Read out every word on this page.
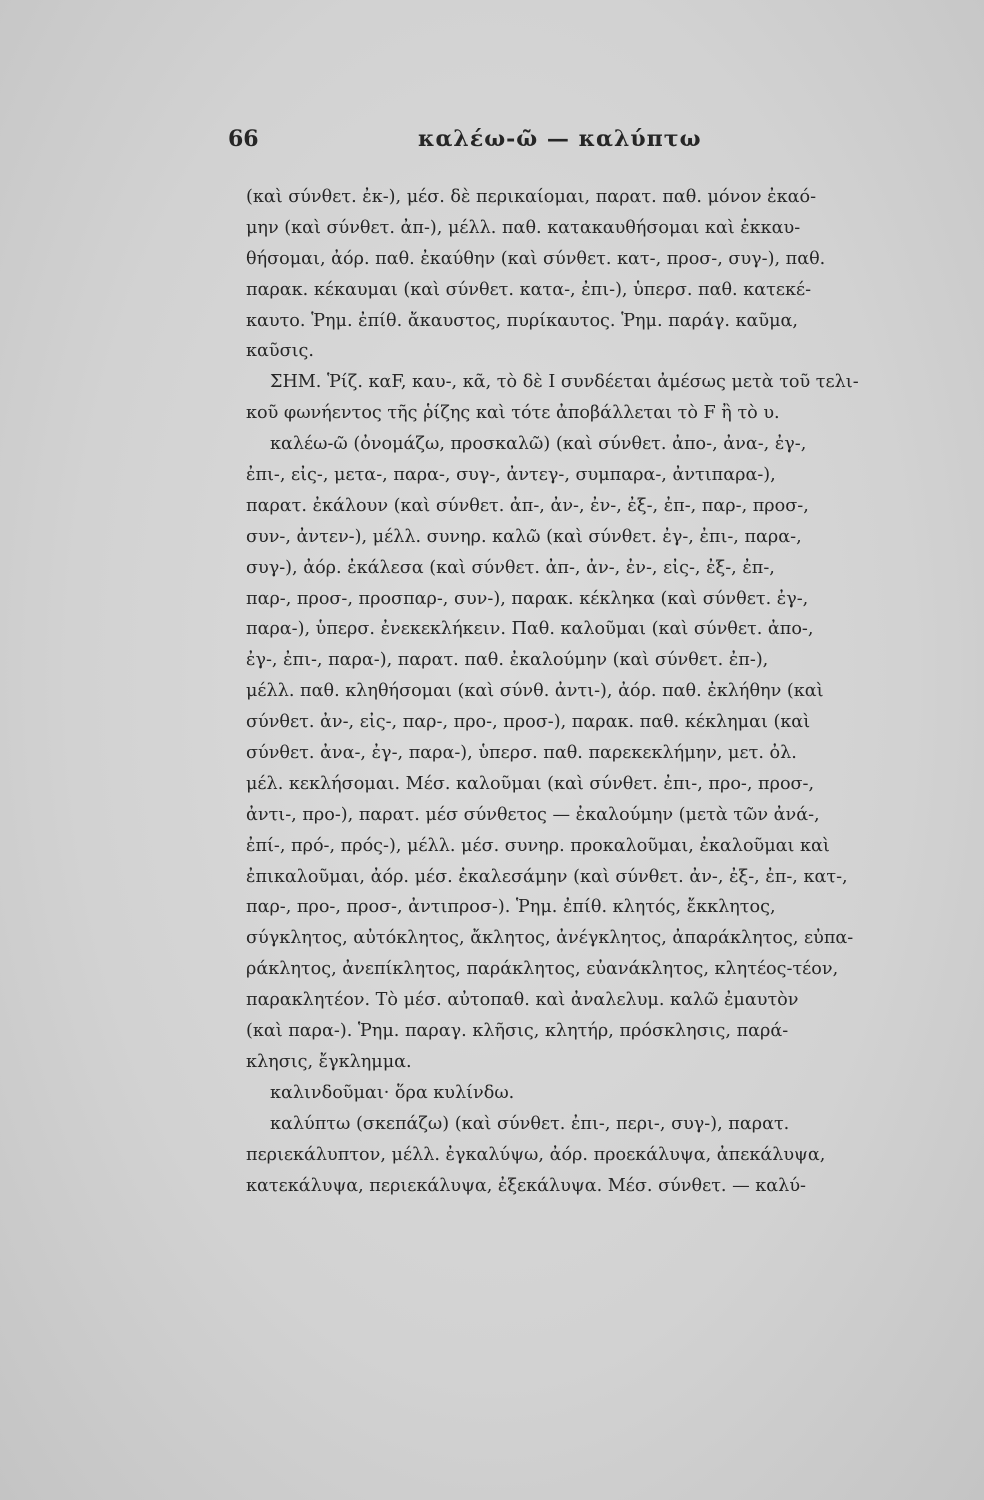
66	καλέω-ῶ — καλύπτω
(καὶ σύνθετ. ἐκ-), μέσ. δὲ περικαίομαι, παρατ. παθ. μόνον ἐκαό-
μην (καὶ σύνθετ. ἀπ-), μέλλ. παθ. κατακαυθήσομαι καὶ ἐκκαυ-
θήσομαι, ἀόρ. παθ. ἐκαύθην (καὶ σύνθετ. κατ-, προσ-, συγ-), παθ.
παρακ. κέκαυμαι (καὶ σύνθετ. κατα-, ἐπι-), ὑπερσ. παθ. κατεκέ-
καυτο. Ῥημ. ἐπίθ. ἄκαυστος, πυρίκαυτος. Ῥημ. παράγ. καῦμα,
καῦσις.
ΣΗΜ. Ῥίζ. καF, καυ-, κᾶ, τὸ δὲ I συνδέεται ἀμέσως μετὰ τοῦ τελι-
κοῦ φωνήεντος τῆς ῥίζης καὶ τότε ἀποβάλλεται τὸ F ἢ τὸ υ.
καλέω-ῶ (ὀνομάζω, προσκαλῶ) (καὶ σύνθετ. ἀπο-, ἀνα-, ἐγ-,
ἐπι-, εἰς-, μετα-, παρα-, συγ-, ἀντεγ-, συμπαρα-, ἀντιπαρα-),
παρατ. ἐκάλουν (καὶ σύνθετ. ἀπ-, ἀν-, ἐν-, ἐξ-, ἐπ-, παρ-, προσ-,
συν-, ἀντεν-), μέλλ. συνηρ. καλῶ (καὶ σύνθετ. ἐγ-, ἐπι-, παρα-,
συγ-), ἀόρ. ἐκάλεσα (καὶ σύνθετ. ἀπ-, ἀν-, ἐν-, εἰς-, ἐξ-, ἐπ-,
παρ-, προσ-, προσπαρ-, συν-), παρακ. κέκληκα (καὶ σύνθετ. ἐγ-,
παρα-), ὑπερσ. ἐνεκεκλήκειν. Παθ. καλοῦμαι (καὶ σύνθετ. ἀπο-,
ἐγ-, ἐπι-, παρα-), παρατ. παθ. ἐκαλούμην (καὶ σύνθετ. ἐπ-),
μέλλ. παθ. κληθήσομαι (καὶ σύνθ. ἀντι-), ἀόρ. παθ. ἐκλήθην (καὶ
σύνθετ. ἀν-, εἰς-, παρ-, προ-, προσ-), παρακ. παθ. κέκλημαι (καὶ
σύνθετ. ἀνα-, ἐγ-, παρα-), ὑπερσ. παθ. παρεκεκλήμην, μετ. ὀλ.
μέλ. κεκλήσομαι. Μέσ. καλοῦμαι (καὶ σύνθετ. ἐπι-, προ-, προσ-,
ἀντι-, προ-), παρατ. μέσ σύνθετος — ἐκαλούμην (μετὰ τῶν ἀνά-,
ἐπί-, πρό-, πρός-), μέλλ. μέσ. συνηρ. προκαλοῦμαι, ἐκαλοῦμαι καὶ
ἐπικαλοῦμαι, ἀόρ. μέσ. ἐκαλεσάμην (καὶ σύνθετ. ἀν-, ἐξ-, ἐπ-, κατ-,
παρ-, προ-, προσ-, ἀντιπροσ-). Ῥημ. ἐπίθ. κλητός, ἔκκλητος,
σύγκλητος, αὐτόκλητος, ἄκλητος, ἀνέγκλητος, ἀπαράκλητος, εὐπα-
ράκλητος, ἀνεπίκλητος, παράκλητος, εὐανάκλητος, κλητέος-τέον,
παρακλητέον. Τὸ μέσ. αὐτοπαθ. καὶ ἀναλελυμ. καλῶ ἐμαυτὸν
(καὶ παρα-). Ῥημ. παραγ. κλῆσις, κλητήρ, πρόσκλησις, παρά-
κλησις, ἔγκλημμα.
καλινδοῦμαι· ὅρα κυλίνδω.
καλύπτω (σκεπάζω) (καὶ σύνθετ. ἐπι-, περι-, συγ-), παρατ.
περιεκάλυπτον, μέλλ. ἐγκαλύψω, ἀόρ. προεκάλυψα, ἀπεκάλυψα,
κατεκάλυψα, περιεκάλυψα, ἐξεκάλυψα. Μέσ. σύνθετ. — καλύ-
